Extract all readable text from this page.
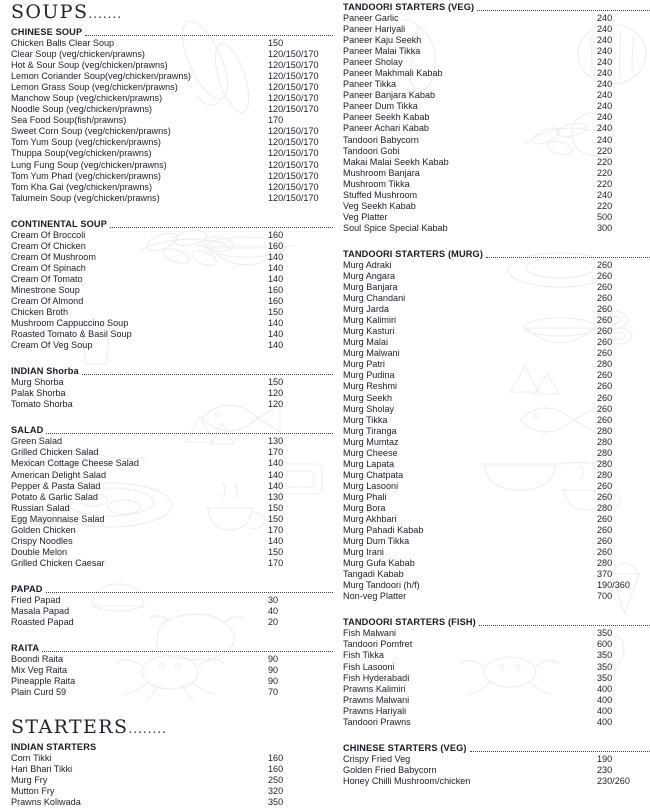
SOUPS.......
CHINESE SOUP
Chicken Balls Clear Soup	150
Clear Soup (veg/chicken/prawns)	120/150/170
Hot & Sour Soup (veg/chicken/prawns)	120/150/170
Lemon Coriander Soup(veg/chicken/prawns)	120/150/170
Lemon Grass Soup (veg/chicken/prawns)	120/150/170
Manchow Soup (veg/chicken/prawns)	120/150/170
Noodle Soup (veg/chicken/prawns)	120/150/170
Sea Food Soup(fish/prawns)	170
Sweet Corn Soup (veg/chicken/prawns)	120/150/170
Tom Yum Soup (veg/chicken/prawns)	120/150/170
Thuppa Soup(veg/chicken/prawns)	120/150/170
Lung Fung Soup (veg/chicken/prawns)	120/150/170
Tom Yum Phad (veg/chicken/prawns)	120/150/170
Tom Kha Gai (veg/chicken/prawns)	120/150/170
Talumein Soup (veg/chicken/prawns)	120/150/170
CONTINENTAL SOUP
Cream Of Broccoli	160
Cream Of Chicken	160
Cream Of Mushroom	140
Cream Of Spinach	140
Cream Of Tomato	140
Minestrone Soup	160
Cream Of Almond	160
Chicken Broth	150
Mushroom Cappuccino Soup	140
Roasted Tomato & Basil Soup	140
Cream Of Veg Soup	140
INDIAN Shorba
Murg Shorba	150
Palak Shorba	120
Tomato Shorba	120
SALAD
Green Salad	130
Grilled Chicken Salad	170
Mexican Cottage Cheese Salad	140
American Delight Salad	140
Pepper & Pasta Salad	140
Potato & Garlic Salad	130
Russian Salad	150
Egg Mayonnaise Salad	150
Golden Chicken	170
Crispy Noodles	140
Double Melon	150
Grilled Chicken Caesar	170
PAPAD
Fried Papad	30
Masala Papad	40
Roasted Papad	20
RAITA
Boondi Raita	90
Mix Veg Raita	90
Pineapple Raita	90
Plain Curd 59	70
STARTERS........
INDIAN STARTERS
Corn Tikki	160
Hari Bhari Tikki	160
Murg Fry	250
Mutton Fry	320
Prawns Koliwada	350
TANDOORI STARTERS (VEG)
Paneer Garlic	240
Paneer Hariyali	240
Paneer Kaju Seekh	240
Paneer Malai Tikka	240
Paneer Sholay	240
Paneer Makhmali Kabab	240
Paneer Tikka	240
Paneer Banjara Kabab	240
Paneer Dum Tikka	240
Paneer Seekh Kabab	240
Paneer Achari Kabab	240
Tandoori Babycorn	240
Tandoori Gobi	220
Makai Malai Seekh Kabab	220
Mushroom Banjara	220
Mushroom Tikka	220
Stuffed Mushroom	240
Veg Seekh Kabab	220
Veg Platter	500
Soul Spice Special Kabab	300
TANDOORI STARTERS (MURG)
Murg Adraki	260
Murg Angara	260
Murg Banjara	260
Murg Chandani	260
Murg Jarda	260
Murg Kalimiri	260
Murg Kasturi	260
Murg Malai	260
Murg Malwani	260
Murg Patri	280
Murg Pudina	260
Murg Reshmi	260
Murg Seekh	260
Murg Sholay	260
Murg Tikka	260
Murg Tiranga	280
Murg Mumtaz	280
Murg Cheese	280
Murg Lapata	280
Murg Chatpata	280
Murg Lasooni	260
Murg Phali	260
Murg Bora	280
Murg Akhbari	260
Murg Pahadi Kabab	260
Murg Dum Tikka	260
Murg Irani	260
Murg Gufa Kabab	280
Tangadi Kabab	370
Murg Tandoori (h/f)	190/360
Non-veg Platter	700
TANDOORI STARTERS (FISH)
Fish Malwani	350
Tandoori Pomfret	600
Fish Tikka	350
Fish Lasooni	350
Fish Hyderabadi	350
Prawns Kalimiri	400
Prawns Malwani	400
Prawns Hariyali	400
Tandoori Prawns	400
CHINESE STARTERS (VEG)
Crispy Fried Veg	190
Golden Fried Babycorn	230
Honey Chilli Mushroom/chicken	230/260
